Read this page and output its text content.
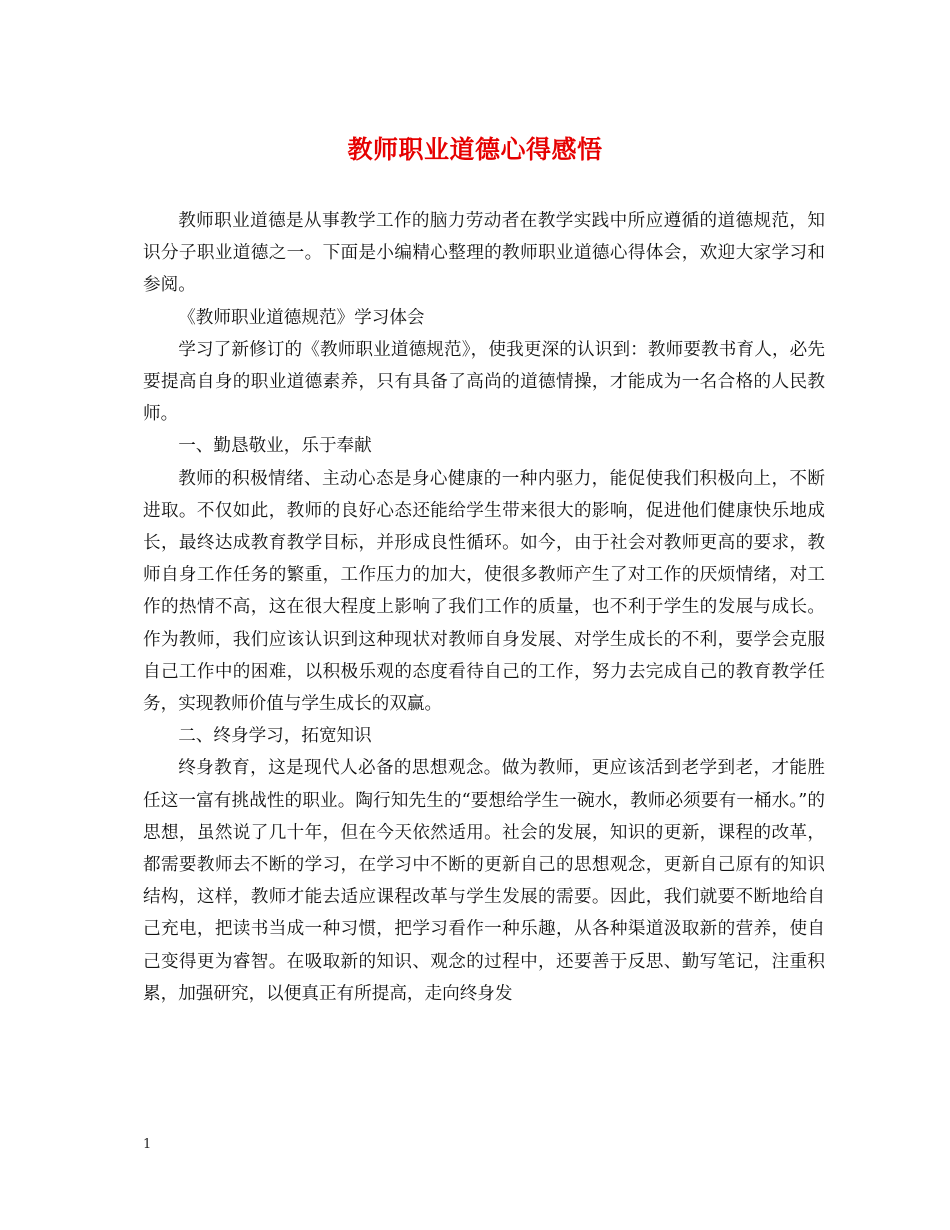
教师职业道德心得感悟

教师职业道德是从事教学工作的脑力劳动者在教学实践中所应遵循的道德规范，知识分子职业道德之一。下面是小编精心整理的教师职业道德心得体会，欢迎大家学习和参阅。

《教师职业道德规范》学习体会

学习了新修订的《教师职业道德规范》，使我更深的认识到：教师要教书育人，必先要提高自身的职业道德素养，只有具备了高尚的道德情操，才能成为一名合格的人民教师。

一、勤恳敬业，乐于奉献

教师的积极情绪、主动心态是身心健康的一种内驱力，能促使我们积极向上，不断进取。不仅如此，教师的良好心态还能给学生带来很大的影响，促进他们健康快乐地成长，最终达成教育教学目标，并形成良性循环。如今，由于社会对教师更高的要求，教师自身工作任务的繁重，工作压力的加大，使很多教师产生了对工作的厌烦情绪，对工作的热情不高，这在很大程度上影响了我们工作的质量，也不利于学生的发展与成长。作为教师，我们应该认识到这种现状对教师自身发展、对学生成长的不利，要学会克服自己工作中的困难，以积极乐观的态度看待自己的工作，努力去完成自己的教育教学任务，实现教师价值与学生成长的双赢。

二、终身学习，拓宽知识

终身教育，这是现代人必备的思想观念。做为教师，更应该活到老学到老，才能胜任这一富有挑战性的职业。陶行知先生的“要想给学生一碗水，教师必须要有一桶水。”的思想，虽然说了几十年，但在今天依然适用。社会的发展，知识的更新，课程的改革，都需要教师去不断的学习，在学习中不断的更新自己的思想观念，更新自己原有的知识结构，这样，教师才能去适应课程改革与学生发展的需要。因此，我们就要不断地给自己充电，把读书当成一种习惯，把学习看作一种乐趣，从各种渠道汲取新的营养，使自己变得更为睿智。在吸取新的知识、观念的过程中，还要善于反思、勤写笔记，注重积累，加强研究，以便真正有所提高，走向终身发

1
